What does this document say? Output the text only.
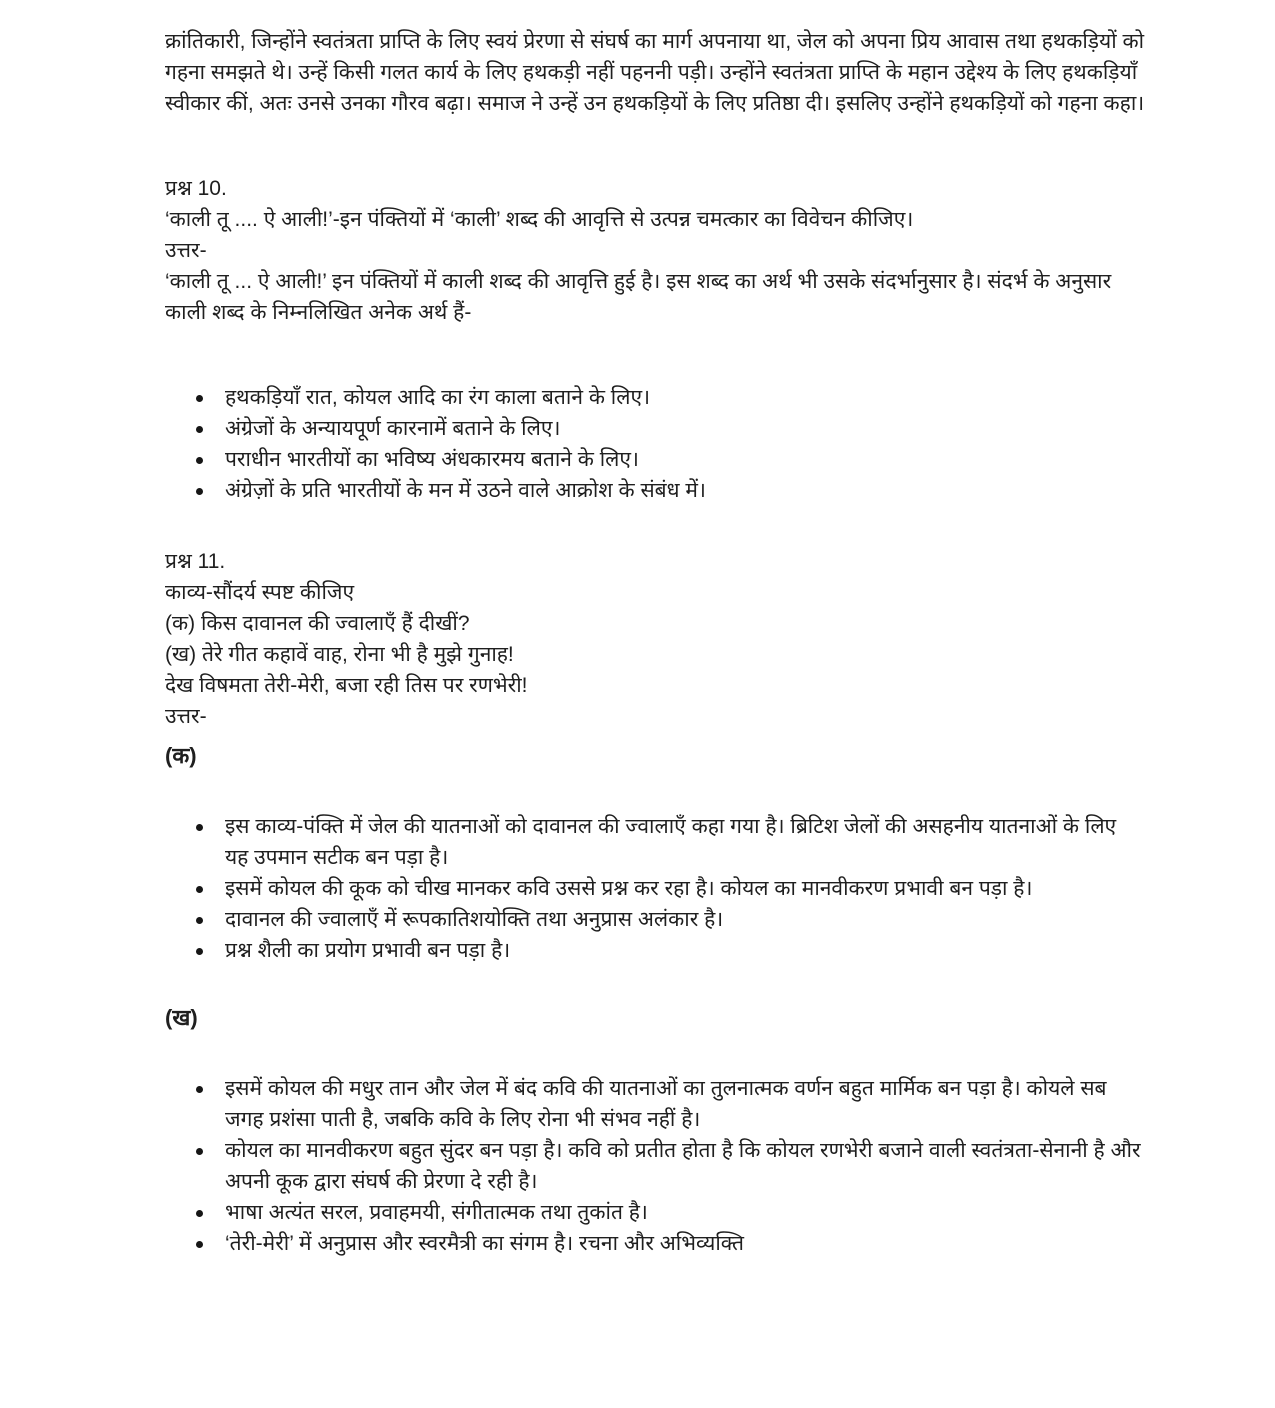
क्रांतिकारी, जिन्होंने स्वतंत्रता प्राप्ति के लिए स्वयं प्रेरणा से संघर्ष का मार्ग अपनाया था, जेल को अपना प्रिय आवास तथा हथकड़ियों को गहना समझते थे। उन्हें किसी गलत कार्य के लिए हथकड़ी नहीं पहननी पड़ी। उन्होंने स्वतंत्रता प्राप्ति के महान उद्देश्य के लिए हथकड़ियाँ स्वीकार कीं, अतः उनसे उनका गौरव बढ़ा। समाज ने उन्हें उन हथकड़ियों के लिए प्रतिष्ठा दी। इसलिए उन्होंने हथकड़ियों को गहना कहा।

प्रश्न 10.

‘काली तू .... ऐ आली!’-इन पंक्तियों में ‘काली’ शब्द की आवृत्ति से उत्पन्न चमत्कार का विवेचन कीजिए।

उत्तर-

‘काली तू ... ऐ आली!’ इन पंक्तियों में काली शब्द की आवृत्ति हुई है। इस शब्द का अर्थ भी उसके संदर्भानुसार है। संदर्भ के अनुसार काली शब्द के निम्नलिखित अनेक अर्थ हैं-

हथकड़ियाँ रात, कोयल आदि का रंग काला बताने के लिए।
अंग्रेजों के अन्यायपूर्ण कारनामें बताने के लिए।
पराधीन भारतीयों का भविष्य अंधकारमय बताने के लिए।
अंग्रेज़ों के प्रति भारतीयों के मन में उठने वाले आक्रोश के संबंध में।

प्रश्न 11.

काव्य-सौंदर्य स्पष्ट कीजिए

(क) किस दावानल की ज्वालाएँ हैं दीखीं?

(ख) तेरे गीत कहावें वाह, रोना भी है मुझे गुनाह!

देख विषमता तेरी-मेरी, बजा रही तिस पर रणभेरी!

उत्तर-

(क)

इस काव्य-पंक्ति में जेल की यातनाओं को दावानल की ज्वालाएँ कहा गया है। ब्रिटिश जेलों की असहनीय यातनाओं के लिए यह उपमान सटीक बन पड़ा है।
इसमें कोयल की कूक को चीख मानकर कवि उससे प्रश्न कर रहा है। कोयल का मानवीकरण प्रभावी बन पड़ा है।
दावानल की ज्वालाएँ में रूपकातिशयोक्ति तथा अनुप्रास अलंकार है।
प्रश्न शैली का प्रयोग प्रभावी बन पड़ा है।

(ख)

इसमें कोयल की मधुर तान और जेल में बंद कवि की यातनाओं का तुलनात्मक वर्णन बहुत मार्मिक बन पड़ा है। कोयले सब जगह प्रशंसा पाती है, जबकि कवि के लिए रोना भी संभव नहीं है।
कोयल का मानवीकरण बहुत सुंदर बन पड़ा है। कवि को प्रतीत होता है कि कोयल रणभेरी बजाने वाली स्वतंत्रता-सेनानी है और अपनी कूक द्वारा संघर्ष की प्रेरणा दे रही है।
भाषा अत्यंत सरल, प्रवाहमयी, संगीतात्मक तथा तुकांत है।
‘तेरी-मेरी’ में अनुप्रास और स्वरमैत्री का संगम है। रचना और अभिव्यक्ति
